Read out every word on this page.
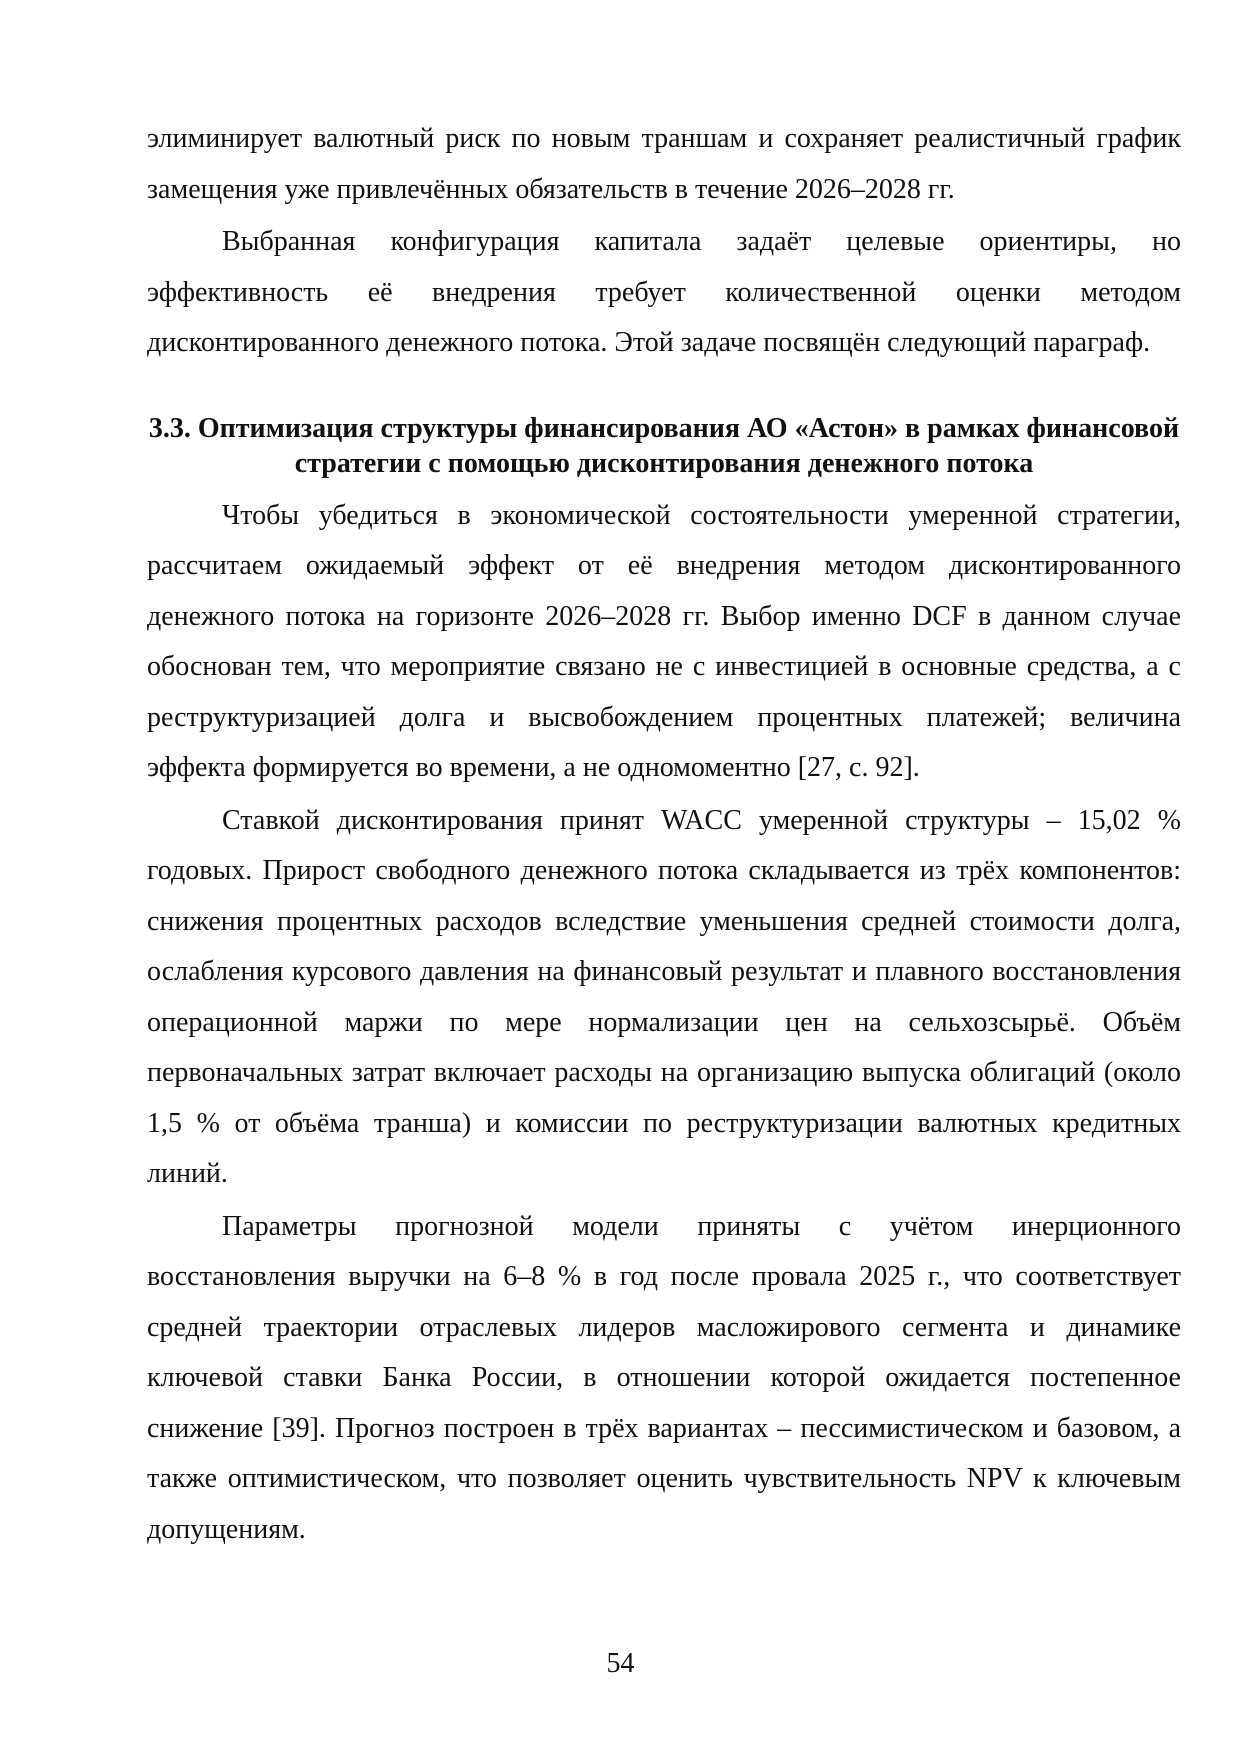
элиминирует валютный риск по новым траншам и сохраняет реалистичный график замещения уже привлечённых обязательств в течение 2026–2028 гг.

Выбранная конфигурация капитала задаёт целевые ориентиры, но эффективность её внедрения требует количественной оценки методом дисконтированного денежного потока. Этой задаче посвящён следующий параграф.

3.3. Оптимизация структуры финансирования АО «Астон» в рамках финансовой стратегии с помощью дисконтирования денежного потока

Чтобы убедиться в экономической состоятельности умеренной стратегии, рассчитаем ожидаемый эффект от её внедрения методом дисконтированного денежного потока на горизонте 2026–2028 гг. Выбор именно DCF в данном случае обоснован тем, что мероприятие связано не с инвестицией в основные средства, а с реструктуризацией долга и высвобождением процентных платежей; величина эффекта формируется во времени, а не одномоментно [27, с. 92].

Ставкой дисконтирования принят WACC умеренной структуры – 15,02 % годовых. Прирост свободного денежного потока складывается из трёх компонентов: снижения процентных расходов вследствие уменьшения средней стоимости долга, ослабления курсового давления на финансовый результат и плавного восстановления операционной маржи по мере нормализации цен на сельхозсырьё. Объём первоначальных затрат включает расходы на организацию выпуска облигаций (около 1,5 % от объёма транша) и комиссии по реструктуризации валютных кредитных линий.

Параметры прогнозной модели приняты с учётом инерционного восстановления выручки на 6–8 % в год после провала 2025 г., что соответствует средней траектории отраслевых лидеров масложирового сегмента и динамике ключевой ставки Банка России, в отношении которой ожидается постепенное снижение [39]. Прогноз построен в трёх вариантах – пессимистическом и базовом, а также оптимистическом, что позволяет оценить чувствительность NPV к ключевым допущениям.

54
